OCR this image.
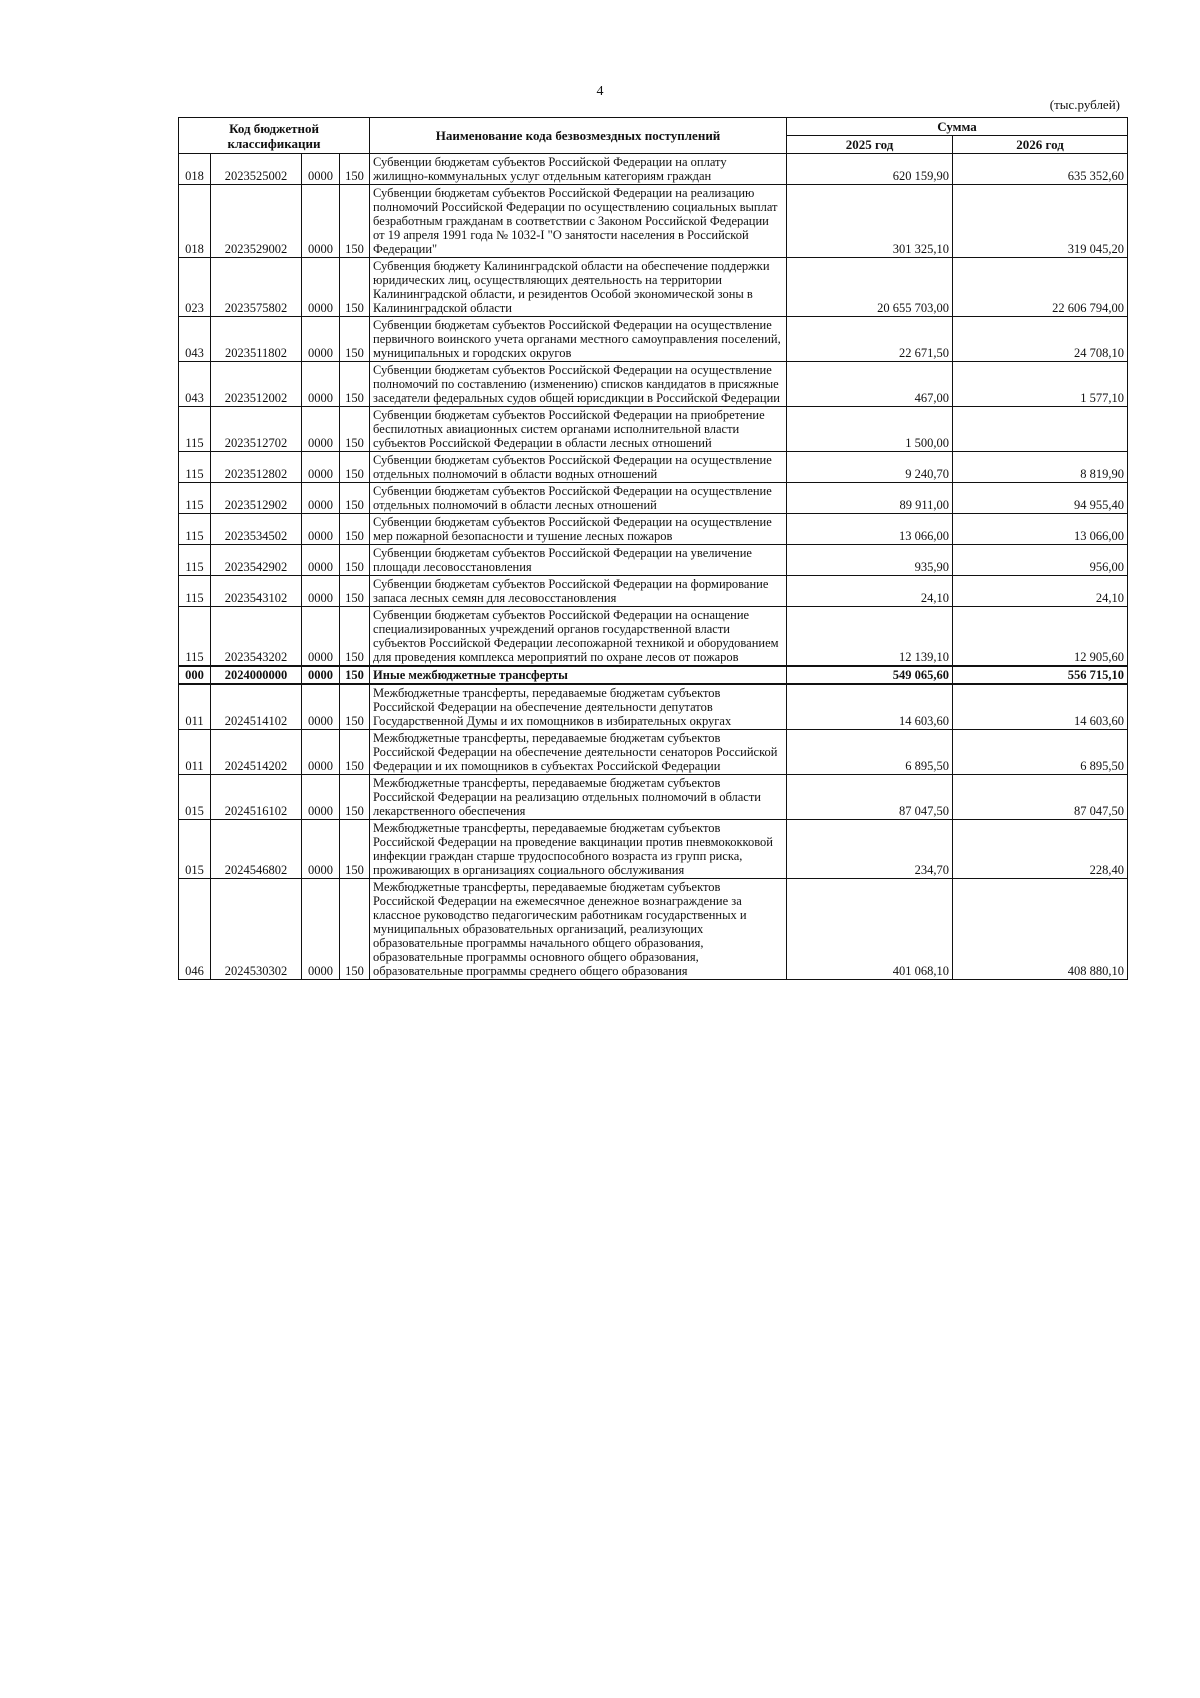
4
(тыс.рублей)
Код бюджетной классификации				Наименование кода безвозмездных поступлений	Сумма	
					2025 год	2026 год
018	2023525002	0000	150	Субвенции бюджетам субъектов Российской Федерации на оплату жилищно-коммунальных услуг отдельным категориям граждан	620 159,90	635 352,60
018	2023529002	0000	150	Субвенции бюджетам субъектов Российской Федерации на реализацию полномочий Российской Федерации по осуществлению социальных выплат безработным гражданам в соответствии с Законом Российской Федерации от 19 апреля 1991 года № 1032-I "О занятости населения в Российской Федерации"	301 325,10	319 045,20
023	2023575802	0000	150	Субвенция бюджету Калининградской области на обеспечение поддержки юридических лиц, осуществляющих деятельность на территории Калининградской области, и резидентов Особой экономической зоны в Калининградской области	20 655 703,00	22 606 794,00
043	2023511802	0000	150	Субвенции бюджетам субъектов Российской Федерации на осуществление первичного воинского учета органами местного самоуправления поселений, муниципальных и городских округов	22 671,50	24 708,10
043	2023512002	0000	150	Субвенции бюджетам субъектов Российской Федерации на осуществление полномочий по составлению (изменению) списков кандидатов в присяжные заседатели федеральных судов общей юрисдикции в Российской Федерации	467,00	1 577,10
115	2023512702	0000	150	Субвенции бюджетам субъектов Российской Федерации на приобретение беспилотных авиационных систем органами исполнительной власти субъектов Российской Федерации в области лесных отношений	1 500,00	
115	2023512802	0000	150	Субвенции бюджетам субъектов Российской Федерации на осуществление отдельных полномочий в области водных отношений	9 240,70	8 819,90
115	2023512902	0000	150	Субвенции бюджетам субъектов Российской Федерации на осуществление отдельных полномочий в области лесных отношений	89 911,00	94 955,40
115	2023534502	0000	150	Субвенции бюджетам субъектов Российской Федерации на осуществление мер пожарной безопасности и тушение лесных пожаров	13 066,00	13 066,00
115	2023542902	0000	150	Субвенции бюджетам субъектов Российской Федерации на увеличение площади лесовосстановления	935,90	956,00
115	2023543102	0000	150	Субвенции бюджетам субъектов Российской Федерации на формирование запаса лесных семян для лесовосстановления	24,10	24,10
115	2023543202	0000	150	Субвенции бюджетам субъектов Российской Федерации на оснащение специализированных учреждений органов государственной власти субъектов Российской Федерации лесопожарной техникой и оборудованием для проведения комплекса мероприятий по охране лесов от пожаров	12 139,10	12 905,60
000	2024000000	0000	150	Иные межбюджетные трансферты	549 065,60	556 715,10
011	2024514102	0000	150	Межбюджетные трансферты, передаваемые бюджетам субъектов Российской Федерации на обеспечение деятельности депутатов Государственной Думы и их помощников в избирательных округах	14 603,60	14 603,60
011	2024514202	0000	150	Межбюджетные трансферты, передаваемые бюджетам субъектов Российской Федерации на обеспечение деятельности сенаторов Российской Федерации и их помощников в субъектах Российской Федерации	6 895,50	6 895,50
015	2024516102	0000	150	Межбюджетные трансферты, передаваемые бюджетам субъектов Российской Федерации на реализацию отдельных полномочий в области лекарственного обеспечения	87 047,50	87 047,50
015	2024546802	0000	150	Межбюджетные трансферты, передаваемые бюджетам субъектов Российской Федерации на проведение вакцинации против пневмококковой инфекции граждан старше трудоспособного возраста из групп риска, проживающих в организациях социального обслуживания	234,70	228,40
046	2024530302	0000	150	Межбюджетные трансферты, передаваемые бюджетам субъектов Российской Федерации на ежемесячное денежное вознаграждение за классное руководство педагогическим работникам государственных и муниципальных образовательных организаций, реализующих образовательные программы начального общего образования, образовательные программы основного общего образования, образовательные программы среднего общего образования	401 068,10	408 880,10
